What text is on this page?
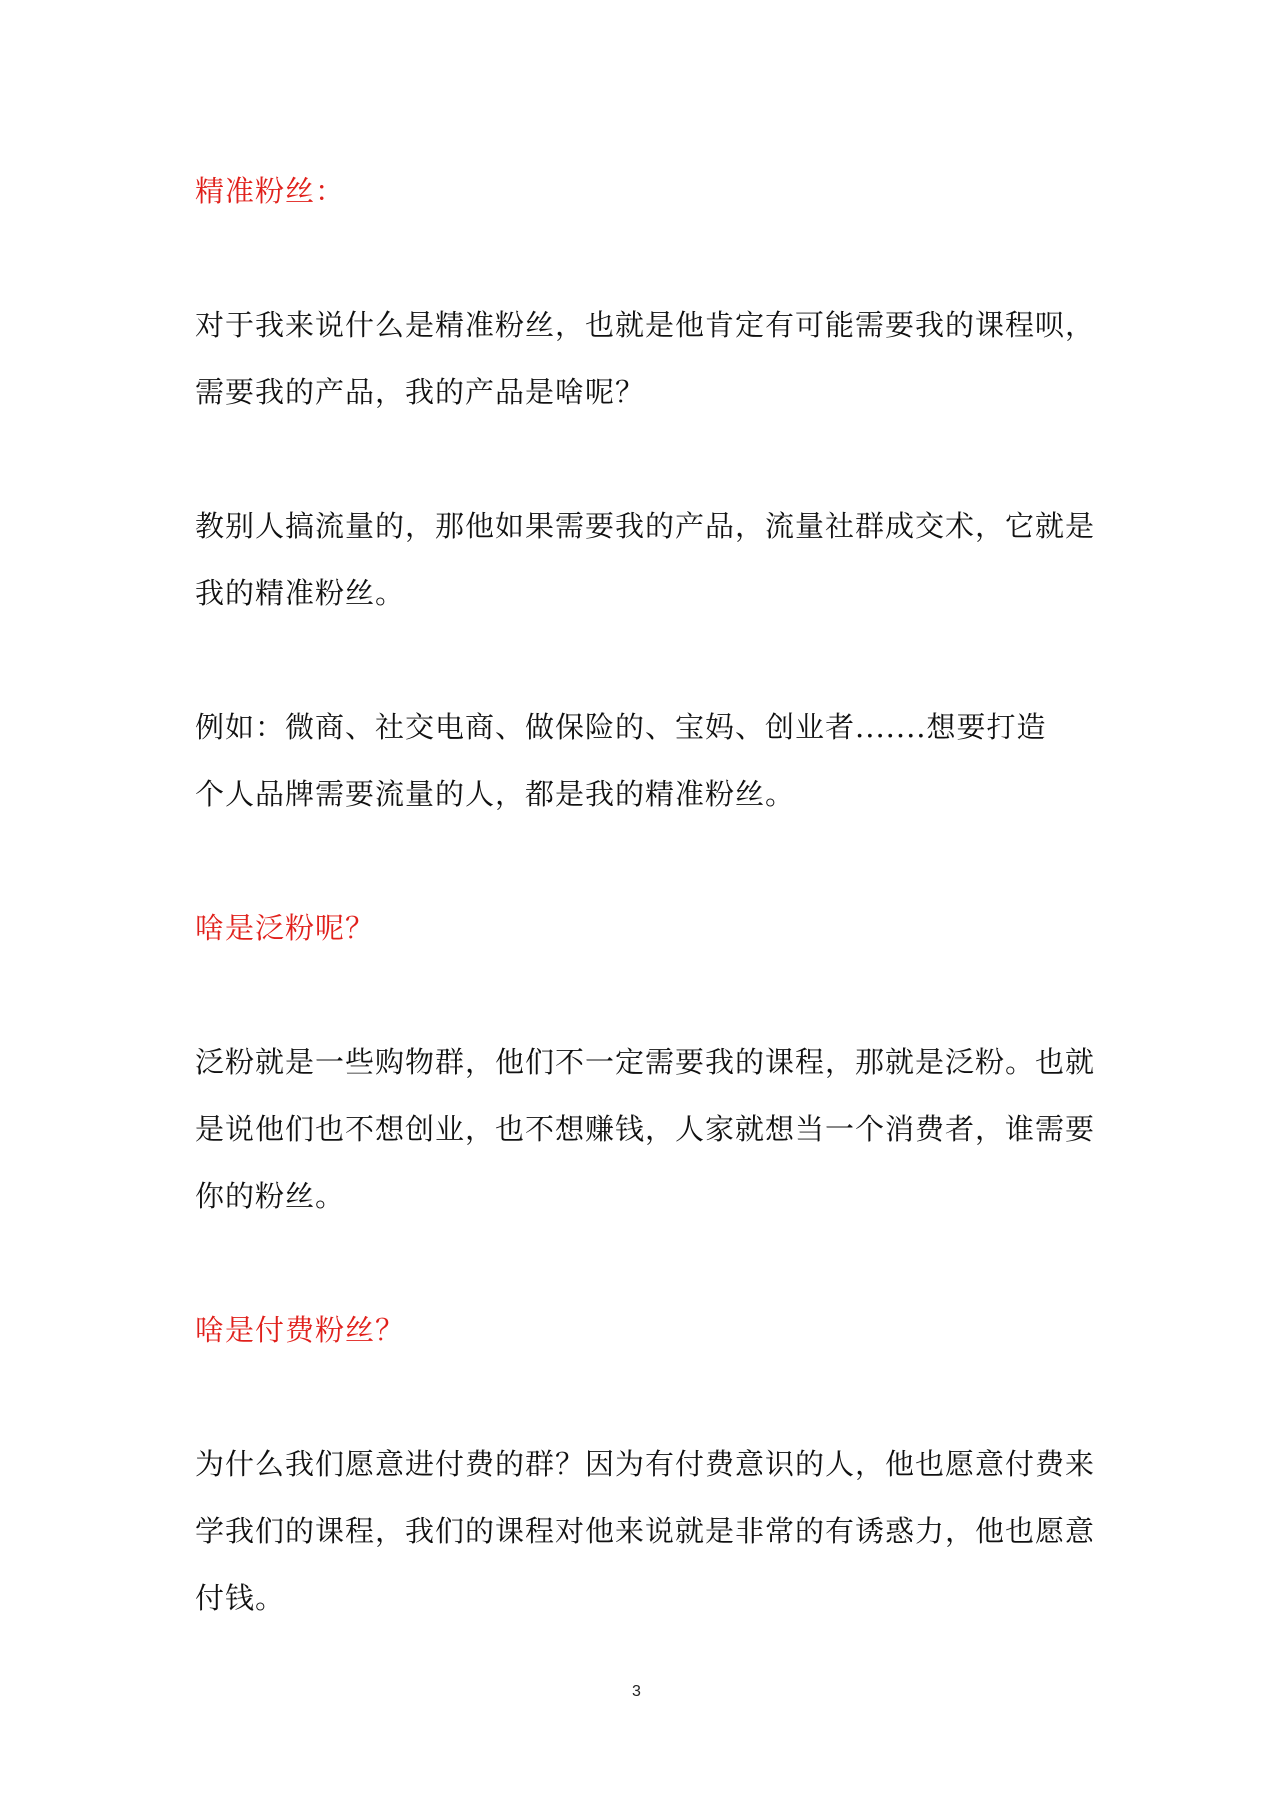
精准粉丝：

对于我来说什么是精准粉丝，也就是他肯定有可能需要我的课程呗，
需要我的产品，我的产品是啥呢？

教别人搞流量的，那他如果需要我的产品，流量社群成交术，它就是
我的精准粉丝。

例如：微商、社交电商、做保险的、宝妈、创业者.......想要打造
个人品牌需要流量的人，都是我的精准粉丝。

啥是泛粉呢？

泛粉就是一些购物群，他们不一定需要我的课程，那就是泛粉。也就
是说他们也不想创业，也不想赚钱，人家就想当一个消费者，谁需要
你的粉丝。

啥是付费粉丝？

为什么我们愿意进付费的群？因为有付费意识的人，他也愿意付费来
学我们的课程，我们的课程对他来说就是非常的有诱惑力，他也愿意
付钱。

3
